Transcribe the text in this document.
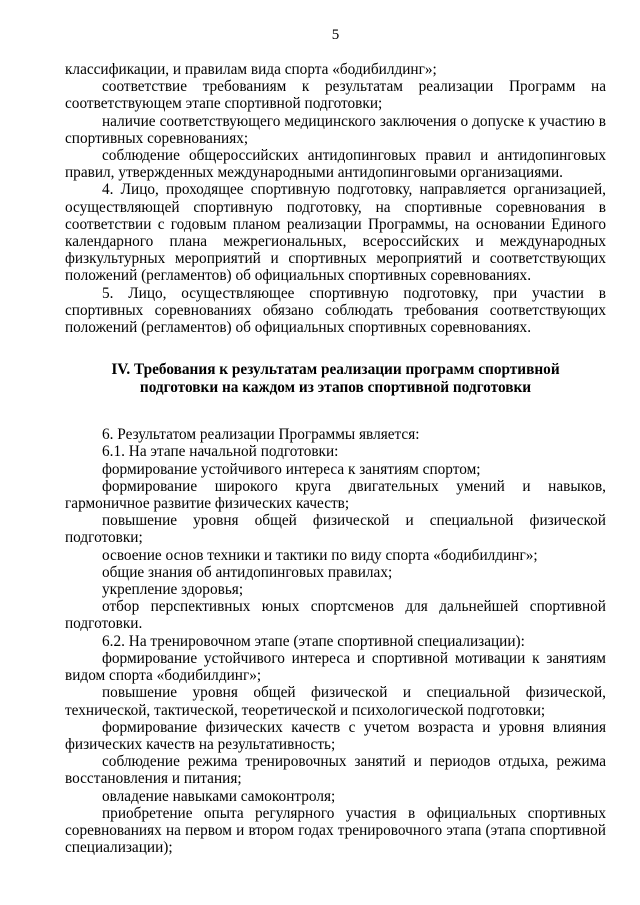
5

классификации, и правилам вида спорта «бодибилдинг»;

соответствие требованиям к результатам реализации Программ на соответствующем этапе спортивной подготовки;

наличие соответствующего медицинского заключения о допуске к участию в спортивных соревнованиях;

соблюдение общероссийских антидопинговых правил и антидопинговых правил, утвержденных международными антидопинговыми организациями.

4. Лицо, проходящее спортивную подготовку, направляется организацией, осуществляющей спортивную подготовку, на спортивные соревнования в соответствии с годовым планом реализации Программы, на основании Единого календарного плана межрегиональных, всероссийских и международных физкультурных мероприятий и спортивных мероприятий и соответствующих положений (регламентов) об официальных спортивных соревнованиях.

5. Лицо, осуществляющее спортивную подготовку, при участии в спортивных соревнованиях обязано соблюдать требования соответствующих положений (регламентов) об официальных спортивных соревнованиях.

IV. Требования к результатам реализации программ спортивной подготовки на каждом из этапов спортивной подготовки

6. Результатом реализации Программы является:

6.1. На этапе начальной подготовки:

формирование устойчивого интереса к занятиям спортом;

формирование широкого круга двигательных умений и навыков, гармоничное развитие физических качеств;

повышение уровня общей физической и специальной физической подготовки;

освоение основ техники и тактики по виду спорта «бодибилдинг»;

общие знания об антидопинговых правилах;

укрепление здоровья;

отбор перспективных юных спортсменов для дальнейшей спортивной подготовки.

6.2. На тренировочном этапе (этапе спортивной специализации):

формирование устойчивого интереса и спортивной мотивации к занятиям видом спорта «бодибилдинг»;

повышение уровня общей физической и специальной физической, технической, тактической, теоретической и психологической подготовки;

формирование физических качеств с учетом возраста и уровня влияния физических качеств на результативность;

соблюдение режима тренировочных занятий и периодов отдыха, режима восстановления и питания;

овладение навыками самоконтроля;

приобретение опыта регулярного участия в официальных спортивных соревнованиях на первом и втором годах тренировочного этапа (этапа спортивной специализации);
